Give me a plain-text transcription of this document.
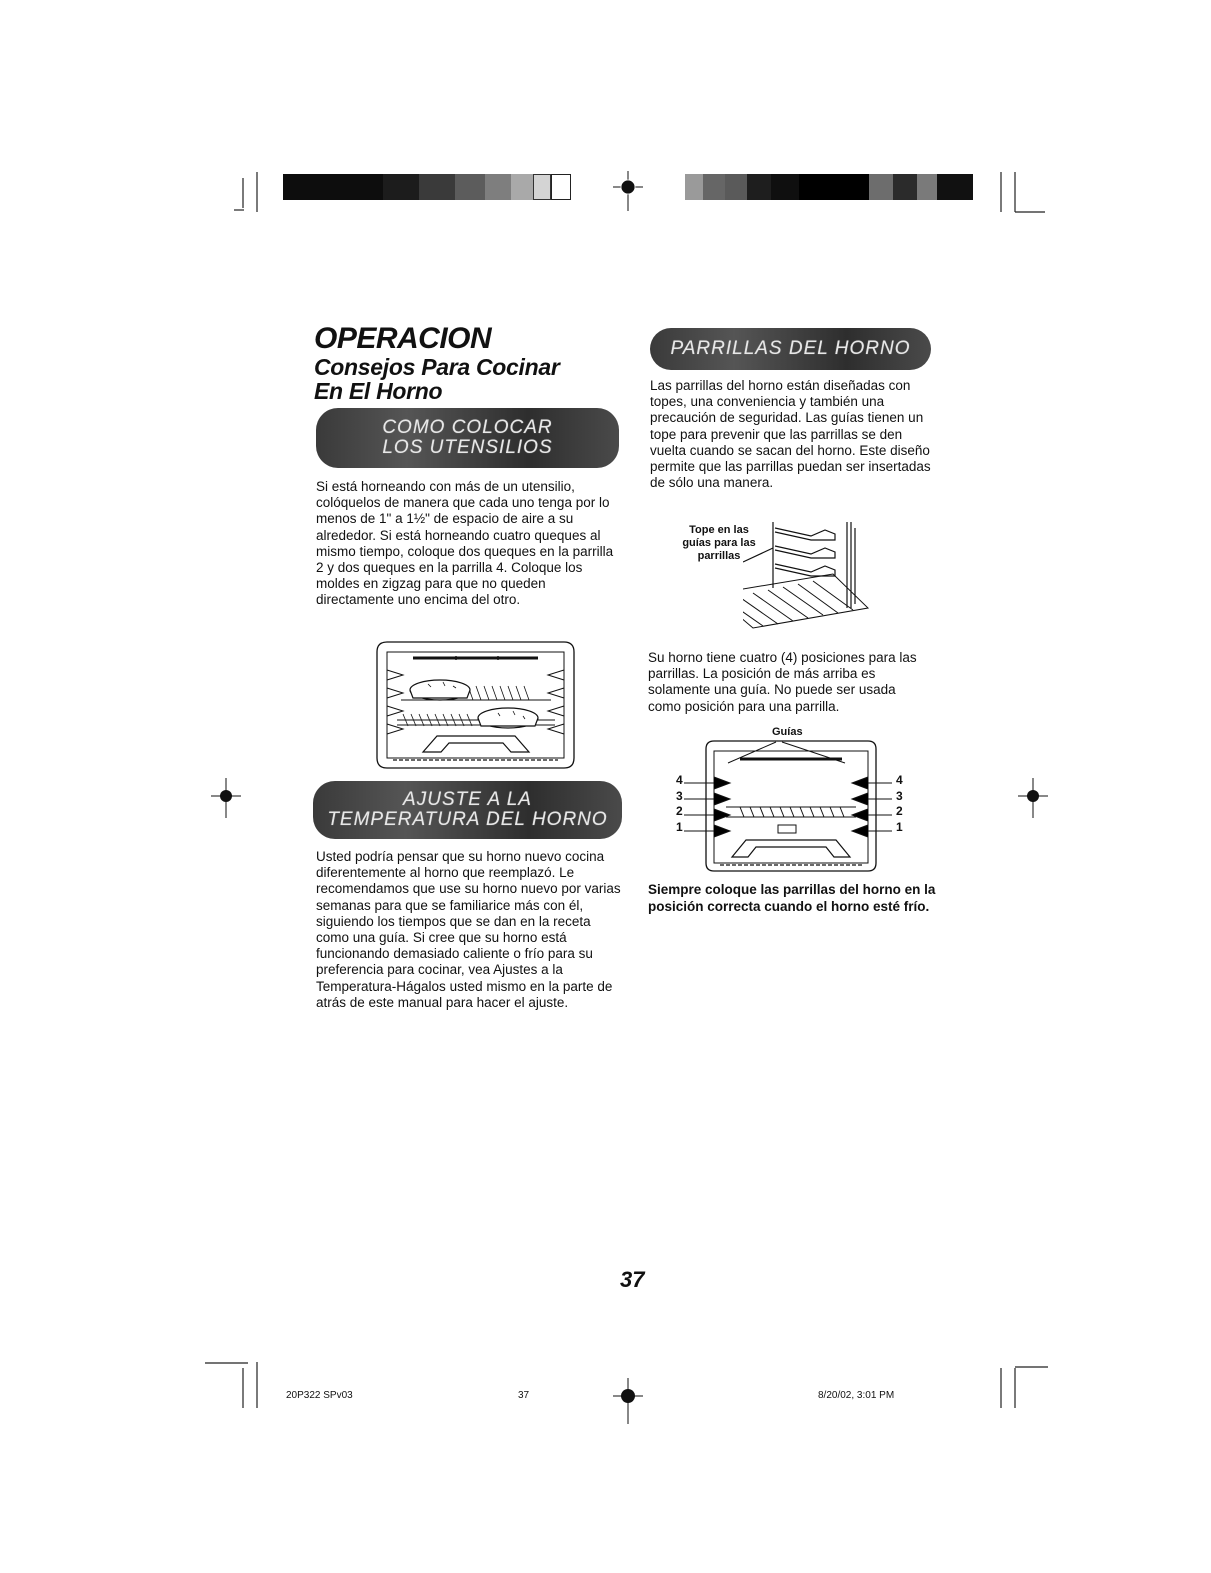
OPERACION
Consejos Para Cocinar
En El Horno
COMO COLOCAR
LOS UTENSILIOS

Si está horneando con más de un utensilio, colóquelos de manera que cada uno tenga por lo menos de 1" a 1½" de espacio de aire a su alrededor. Si está horneando cuatro queques al mismo tiempo, coloque dos queques en la parrilla 2 y dos queques en la parrilla 4. Coloque los moldes en zigzag para que no queden directamente uno encima del otro.

AJUSTE A LA
TEMPERATURA DEL HORNO

Usted podría pensar que su horno nuevo cocina diferentemente al horno que reemplazó. Le recomendamos que use su horno nuevo por varias semanas para que se familiarice más con él, siguiendo los tiempos que se dan en la receta como una guía. Si cree que su horno está funcionando demasiado caliente o frío para su preferencia para cocinar, vea Ajustes a la Temperatura-Hágalos usted mismo en la parte de atrás de este manual para hacer el ajuste.

PARRILLAS DEL HORNO

Las parrillas del horno están diseñadas con topes, una conveniencia y también una precaución de seguridad. Las guías tienen un tope para prevenir que las parrillas se den vuelta cuando se sacan del horno. Este diseño permite que las parrillas puedan ser insertadas de sólo una manera.

Tope en las
guías para las
parrillas

Su horno tiene cuatro (4) posiciones para las parrillas. La posición de más arriba es solamente una guía. No puede ser usada como posición para una parrilla.

Guías
4
3
2
1
4
3
2
1

Siempre coloque las parrillas del horno en la posición correcta cuando el horno esté frío.

37
20P322 SPv03	37	8/20/02, 3:01 PM
